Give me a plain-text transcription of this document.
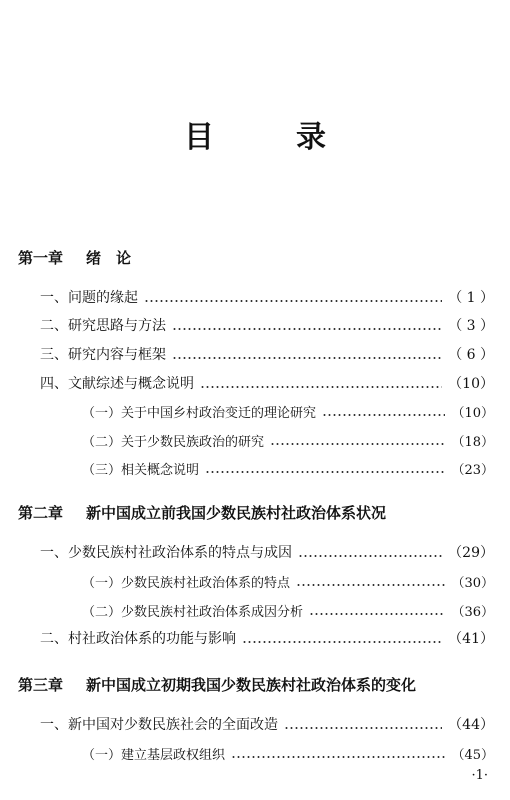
目　录
第一章 绪　论
一、问题的缘起	（ 1 ）
二、研究思路与方法	（ 3 ）
三、研究内容与框架	（ 6 ）
四、文献综述与概念说明	（10）
（一）关于中国乡村政治变迁的理论研究	（10）
（二）关于少数民族政治的研究	（18）
（三）相关概念说明	（23）
第二章 新中国成立前我国少数民族村社政治体系状况
一、少数民族村社政治体系的特点与成因	（29）
（一）少数民族村社政治体系的特点	（30）
（二）少数民族村社政治体系成因分析	（36）
二、村社政治体系的功能与影响	（41）
第三章 新中国成立初期我国少数民族村社政治体系的变化
一、新中国对少数民族社会的全面改造	（44）
（一）建立基层政权组织	（45）
·1·
